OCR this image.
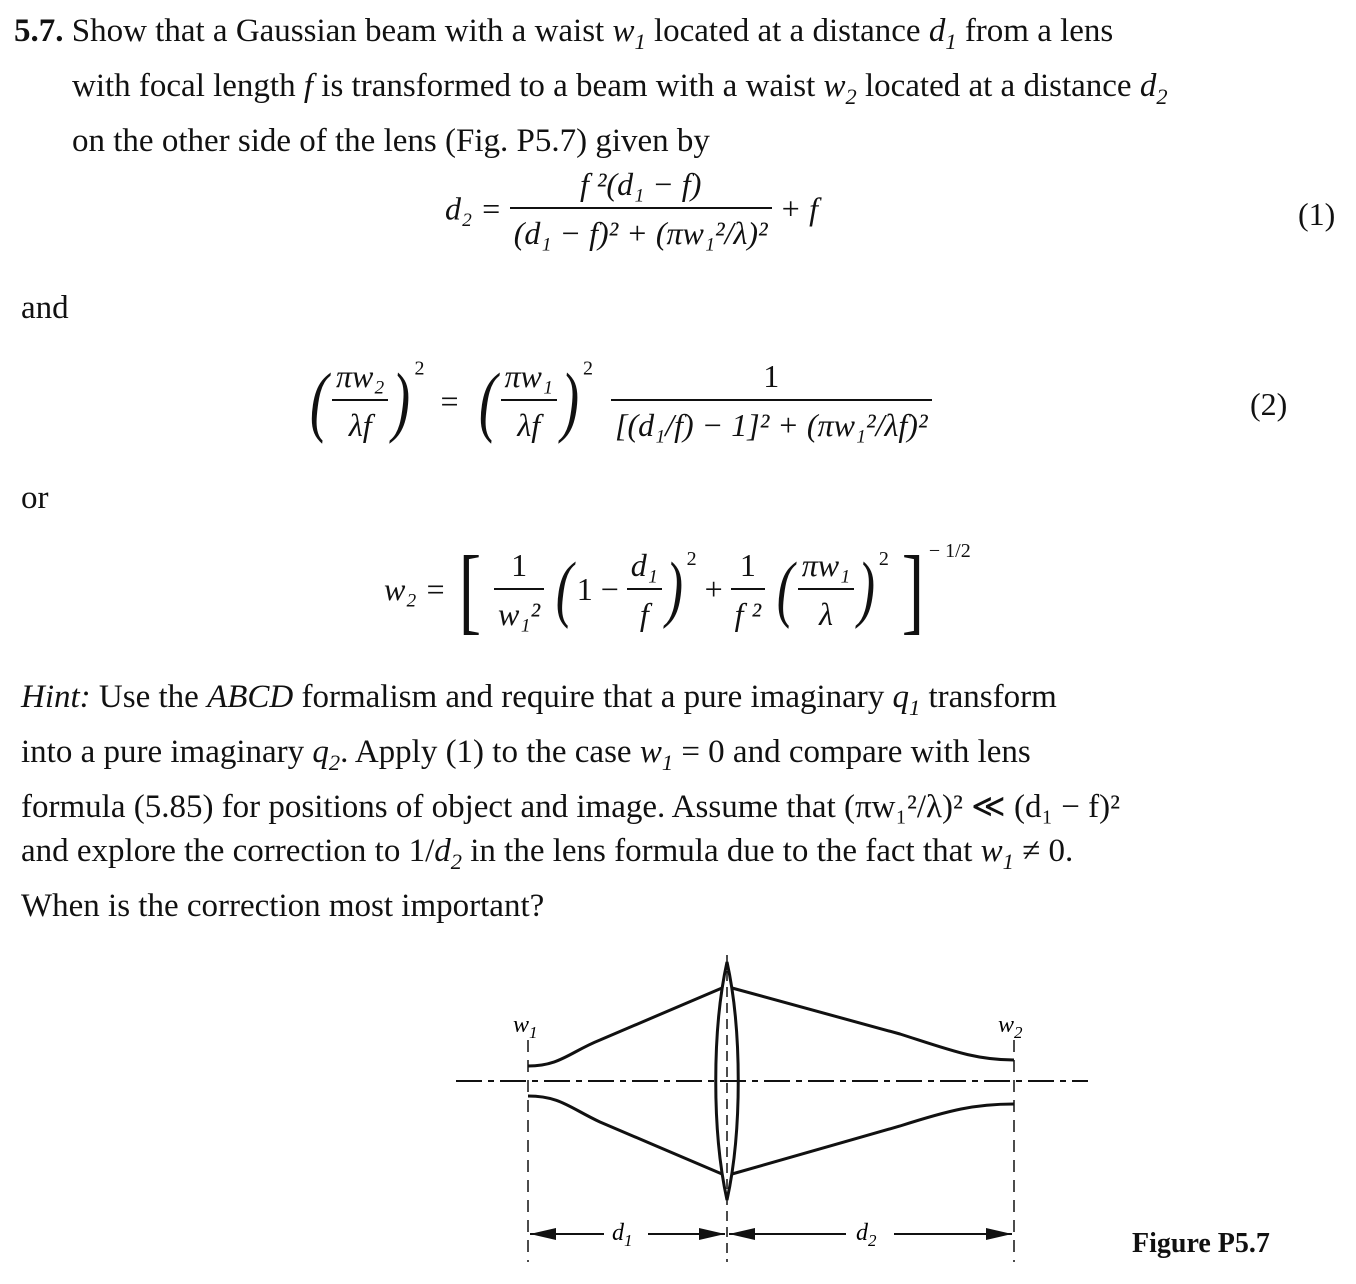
5.7. Show that a Gaussian beam with a waist $w_1$ located at a distance $d_1$ from a lens
with focal length f is transformed to a beam with a waist $w_2$ located at a distance $d_2$
on the other side of the lens (Fig. P5.7) given by
$d_2 = \frac{\text{f ²(d₁ − f)}}{\text{(d₁ − f)² + (πw₁²/λ)²}} + f$	(1)
and
( $\frac{\text{πw₂}}{\lambda f}$ ) $^2$ = ( $\frac{\text{πw₁}}{\lambda f}$ ) $^2 \frac{1}{\text{[(d₁/f) − 1]² + (πw₁²/λf)²}}$	(2)
or
w₂ = [ $\frac{1}{\text{w₁²}}$ ( $1 - \frac{\text{d₁}}{f}$ ) $^2 + \frac{1}{\text{f ²}}$ ( $\frac{\text{πw₁}}{\lambda}$ ) $^2$ ] $^{- 1/2}$
Hint: Use the ABCD formalism and require that a pure imaginary $q_1$ transform
into a pure imaginary $q_2$. Apply (1) to the case $w_1 = 0$ and compare with lens
formula (5.85) for positions of object and image. Assume that (πw₁²/λ)² ≪ (d₁ − f)²
and explore the correction to $1/d_2$ in the lens formula due to the fact that $w_1 \ne 0$.
When is the correction most important?
$w_1$	$w_2$
$d_1$	$d_2$	Figure P5.7
